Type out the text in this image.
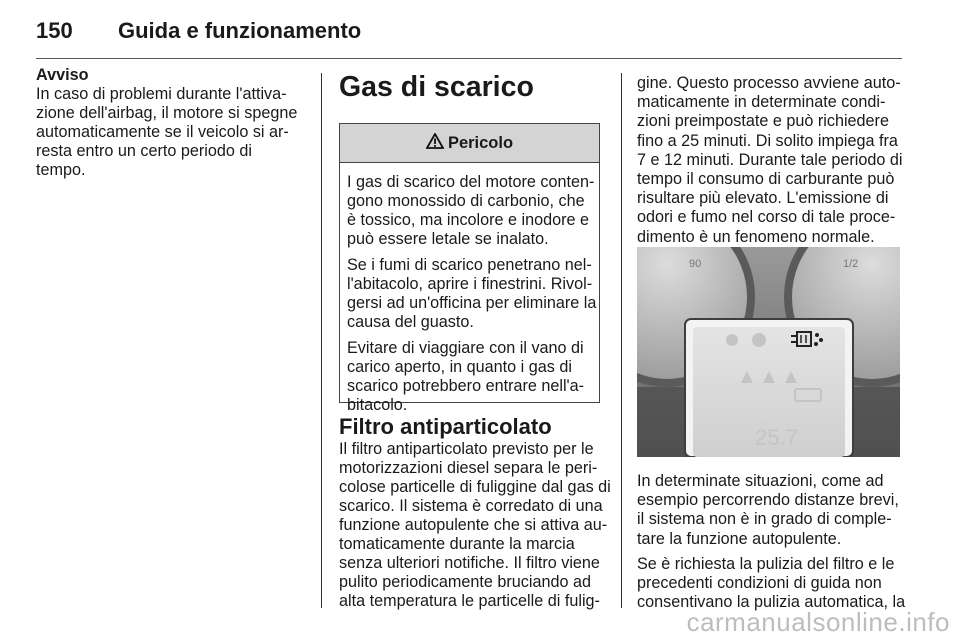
150 Guida e funzionamento
Avviso
In caso di problemi durante l'attiva-
zione dell'airbag, il motore si spegne
automaticamente se il veicolo si ar-
resta entro un certo periodo di
tempo.
Gas di scarico
Pericolo

I gas di scarico del motore conten-
gono monossido di carbonio, che
è tossico, ma incolore e inodore e
può essere letale se inalato.

Se i fumi di scarico penetrano nel-
l'abitacolo, aprire i finestrini. Rivol-
gersi ad un'officina per eliminare la
causa del guasto.

Evitare di viaggiare con il vano di
carico aperto, in quanto i gas di
scarico potrebbero entrare nell'a-
bitacolo.

Filtro antiparticolato
Il filtro antiparticolato previsto per le
motorizzazioni diesel separa le peri-
colose particelle di fuliggine dal gas di
scarico. Il sistema è corredato di una
funzione autopulente che si attiva au-
tomaticamente durante la marcia
senza ulteriori notifiche. Il filtro viene
pulito periodicamente bruciando ad
alta temperatura le particelle di fulig-
gine. Questo processo avviene auto-
maticamente in determinate condi-
zioni preimpostate e può richiedere
fino a 25 minuti. Di solito impiega fra
7 e 12 minuti. Durante tale periodo di
tempo il consumo di carburante può
risultare più elevato. L'emissione di
odori e fumo nel corso di tale proce-
dimento è un fenomeno normale.
90	1/2
25.7

In determinate situazioni, come ad
esempio percorrendo distanze brevi,
il sistema non è in grado di comple-
tare la funzione autopulente.

Se è richiesta la pulizia del filtro e le
precedenti condizioni di guida non
consentivano la pulizia automatica, la

carmanualsonline.info
